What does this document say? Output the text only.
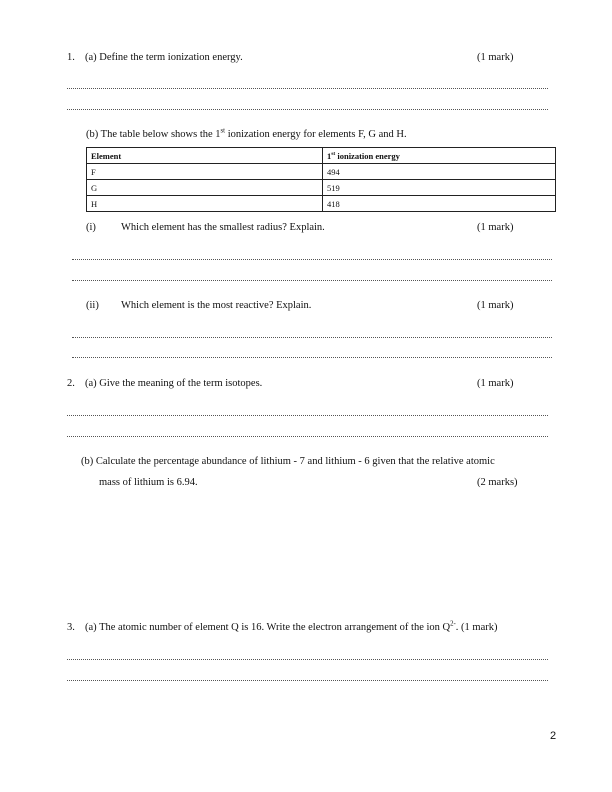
1. (a) Define the term ionization energy.	(1 mark)
(b) The table below shows the 1st ionization energy for elements F, G and H.
Element	1st ionization energy
F	494
G	519
H	418
(i) Which element has the smallest radius? Explain.	(1 mark)
(ii) Which element is the most reactive? Explain.	(1 mark)
2. (a) Give the meaning of the term isotopes.	(1 mark)
(b) Calculate the percentage abundance of lithium - 7 and lithium - 6 given that the relative atomic
mass of lithium is 6.94.	(2 marks)
3. (a) The atomic number of element Q is 16. Write the electron arrangement of the ion $Q^{2-}$. (1 mark)
2
